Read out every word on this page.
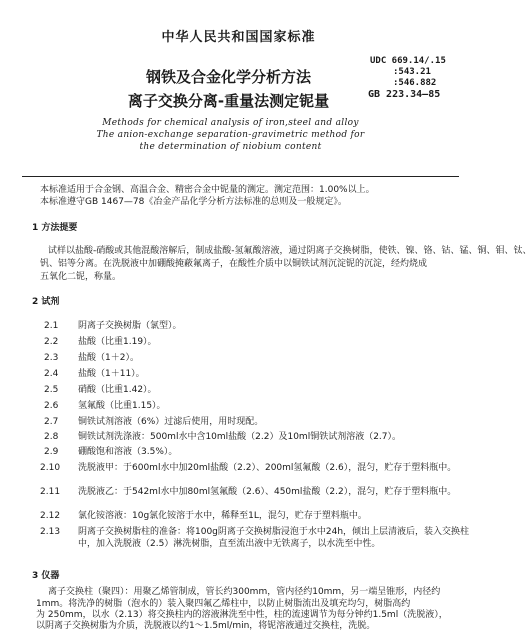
中华人民共和国国家标准
UDC 669.14/.15
:543.21
:546.882
GB 223.34—85
钢铁及合金化学分析方法
离子交换分离-重量法测定铌量
Methods for chemical analysis of iron,steel and alloy
The anion-exchange separation-gravimetric method for
the determination of niobium content
本标准适用于合金钢、高温合金、精密合金中铌量的测定。测定范围：1.00%以上。
本标准遵守GB 1467—78《冶金产品化学分析方法标准的总则及一般规定》。
1 方法提要
试样以盐酸-硝酸或其他混酸溶解后，制成盐酸-氢氟酸溶液，通过阴离子交换树脂，使铁、镍、铬、钴、锰、铜、钼、钛、
钒、铝等分离。在洗脱液中加硼酸掩蔽氟离子，在酸性介质中以铜铁试剂沉淀铌的沉淀，经灼烧成
五氧化二铌，称量。
2 试剂
2.1 阴离子交换树脂（氯型）。
2.2 盐酸（比重1.19）。
2.3 盐酸（1＋2）。
2.4 盐酸（1＋11）。
2.5 硝酸（比重1.42）。
2.6 氢氟酸（比重1.15）。
2.7 铜铁试剂溶液（6%）过滤后使用，用时现配。
2.8 铜铁试剂洗涤液：500ml水中含10ml盐酸（2.2）及10ml铜铁试剂溶液（2.7）。
2.9 硼酸饱和溶液（3.5%）。
2.10 洗脱液甲：于600ml水中加20ml盐酸（2.2）、200ml氢氟酸（2.6），混匀，贮存于塑料瓶中。
2.11 洗脱液乙：于542ml水中加80ml氢氟酸（2.6）、450ml盐酸（2.2），混匀，贮存于塑料瓶中。
2.12 氯化铵溶液：10g氯化铵溶于水中，稀释至1L，混匀，贮存于塑料瓶中。
2.13 阴离子交换树脂柱的准备：将100g阴离子交换树脂浸泡于水中24h，倾出上层清液后，装入交换柱中，加入洗脱液（2.5）淋洗树脂，直至流出液中无铁离子，以水洗至中性。
3 仪器
离子交换柱（聚四）：用聚乙烯管制成，管长约300mm，管内径约10mm，另一端呈锥形，内径约
1mm。将洗净的树脂（泡水的）装入聚四氟乙烯柱中，以防止树脂流出及填充均匀，树脂高约
为 250mm，以水（2.13）将交换柱内的溶液淋洗至中性，柱的流速调节为每分钟约1.5ml（洗脱液），
以阴离子交换树脂为介质，洗脱液以约1～1.5ml/min，将铌溶液通过交换柱，洗脱。
